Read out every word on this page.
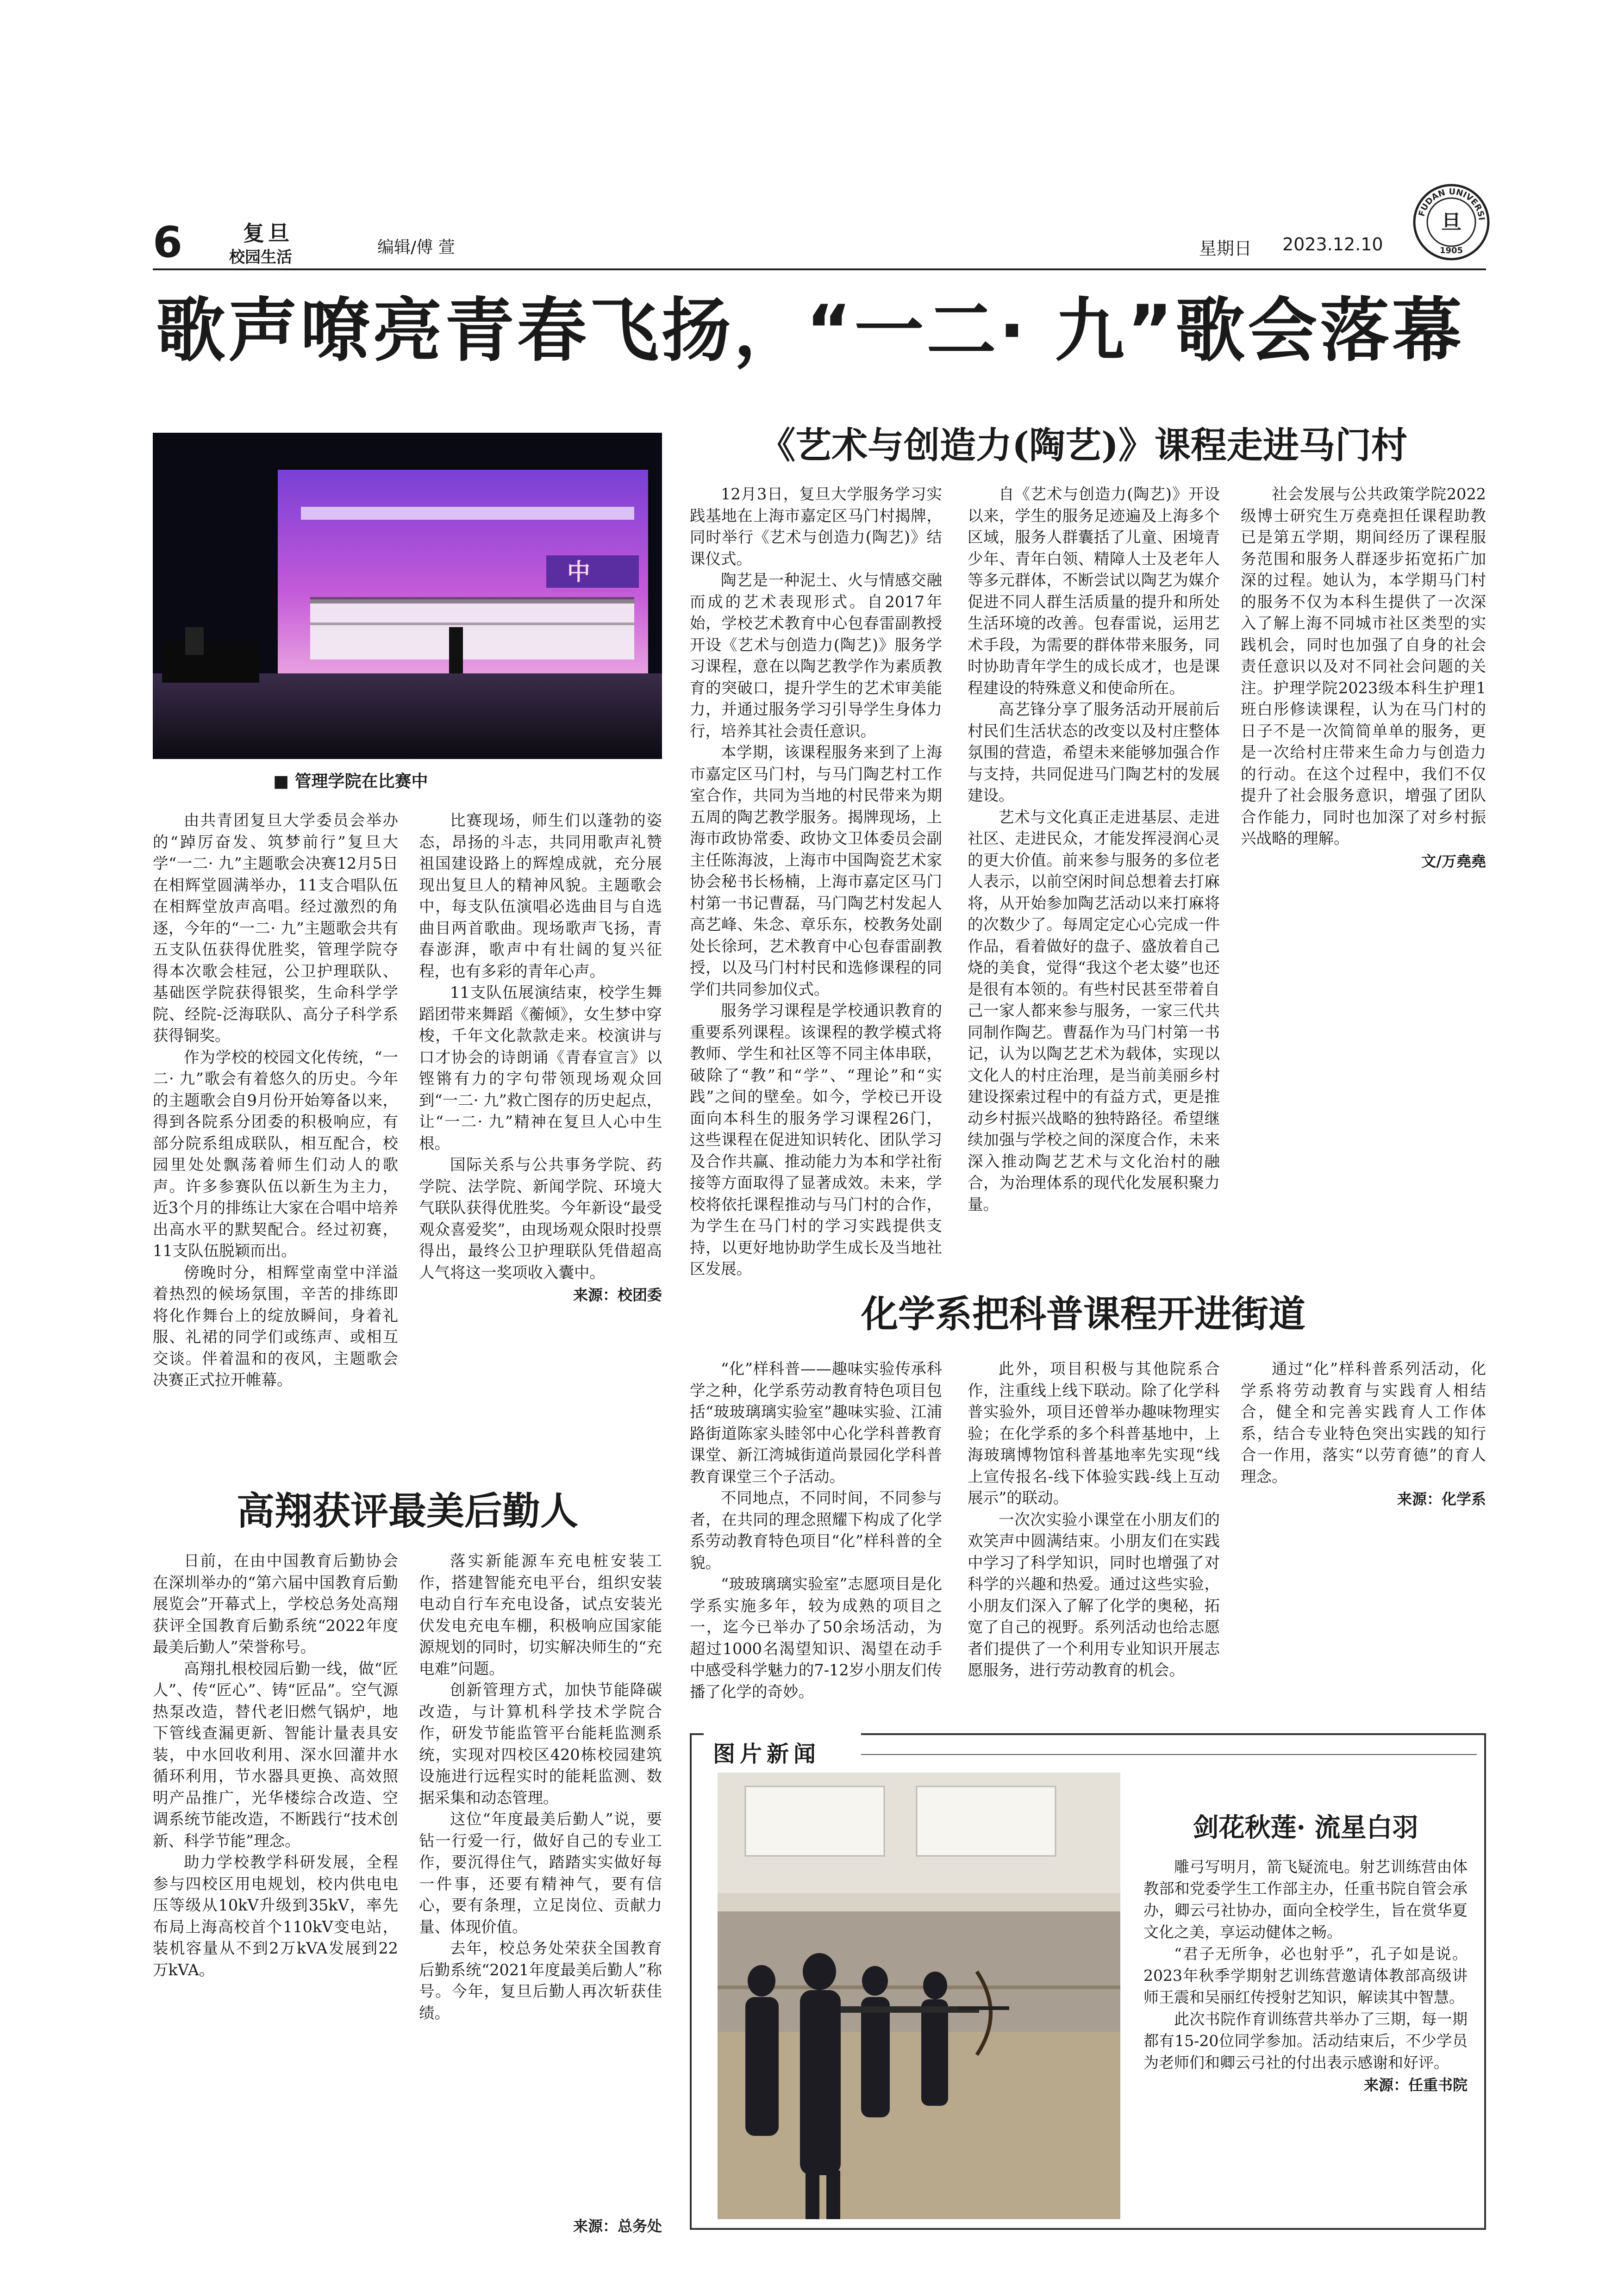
6	复旦
校园生活
编辑/傅 萱	星期日 2023.12.10
旦
FUDAN UNIVERSI
1905
歌声嘹亮青春飞扬，“一二· 九”歌会落幕
中
■ 管理学院在比赛中

由共青团复旦大学委员会举办的“踔厉奋发、筑梦前行”复旦大学“一二· 九”主题歌会决赛12月5日在相辉堂圆满举办，11支合唱队伍在相辉堂放声高唱。经过激烈的角逐，今年的“一二· 九”主题歌会共有五支队伍获得优胜奖，管理学院夺得本次歌会桂冠，公卫护理联队、基础医学院获得银奖，生命科学学院、经院-泛海联队、高分子科学系获得铜奖。

作为学校的校园文化传统，“一二· 九”歌会有着悠久的历史。今年的主题歌会自9月份开始筹备以来，得到各院系分团委的积极响应，有部分院系组成联队，相互配合，校园里处处飘荡着师生们动人的歌声。许多参赛队伍以新生为主力，近3个月的排练让大家在合唱中培养出高水平的默契配合。经过初赛，11支队伍脱颖而出。

傍晚时分，相辉堂南堂中洋溢着热烈的候场氛围，辛苦的排练即将化作舞台上的绽放瞬间，身着礼服、礼裙的同学们或练声、或相互交谈。伴着温和的夜风，主题歌会决赛正式拉开帷幕。

比赛现场，师生们以蓬勃的姿态，昂扬的斗志，共同用歌声礼赞祖国建设路上的辉煌成就，充分展现出复旦人的精神风貌。主题歌会中，每支队伍演唱必选曲目与自选曲目两首歌曲。现场歌声飞扬，青春澎湃，歌声中有壮阔的复兴征程，也有多彩的青年心声。

11支队伍展演结束，校学生舞蹈团带来舞蹈《蘅倾》，女生梦中穿梭，千年文化款款走来。校演讲与口才协会的诗朗诵《青春宣言》以铿锵有力的字句带领现场观众回到“一二· 九”救亡图存的历史起点，让“一二· 九”精神在复旦人心中生根。

国际关系与公共事务学院、药学院、法学院、新闻学院、环境大气联队获得优胜奖。今年新设“最受观众喜爱奖”，由现场观众限时投票得出，最终公卫护理联队凭借超高人气将这一奖项收入囊中。

来源：校团委
《艺术与创造力(陶艺)》课程走进马门村

12月3日，复旦大学服务学习实践基地在上海市嘉定区马门村揭牌，同时举行《艺术与创造力(陶艺)》结课仪式。

陶艺是一种泥土、火与情感交融而成的艺术表现形式。自2017年始，学校艺术教育中心包春雷副教授开设《艺术与创造力(陶艺)》服务学习课程，意在以陶艺教学作为素质教育的突破口，提升学生的艺术审美能力，并通过服务学习引导学生身体力行，培养其社会责任意识。

本学期，该课程服务来到了上海市嘉定区马门村，与马门陶艺村工作室合作，共同为当地的村民带来为期五周的陶艺教学服务。揭牌现场，上海市政协常委、政协文卫体委员会副主任陈海波，上海市中国陶瓷艺术家协会秘书长杨楠，上海市嘉定区马门村第一书记曹磊，马门陶艺村发起人高艺峰、朱念、章乐东，校教务处副处长徐珂，艺术教育中心包春雷副教授，以及马门村村民和选修课程的同学们共同参加仪式。

服务学习课程是学校通识教育的重要系列课程。该课程的教学模式将教师、学生和社区等不同主体串联，破除了“教”和“学”、“理论”和“实践”之间的壁垒。如今，学校已开设面向本科生的服务学习课程26门，这些课程在促进知识转化、团队学习及合作共赢、推动能力为本和学社衔接等方面取得了显著成效。未来，学校将依托课程推动与马门村的合作，为学生在马门村的学习实践提供支持，以更好地协助学生成长及当地社区发展。

自《艺术与创造力(陶艺)》开设以来，学生的服务足迹遍及上海多个区域，服务人群囊括了儿童、困境青少年、青年白领、精障人士及老年人等多元群体，不断尝试以陶艺为媒介促进不同人群生活质量的提升和所处生活环境的改善。包春雷说，运用艺术手段，为需要的群体带来服务，同时协助青年学生的成长成才，也是课程建设的特殊意义和使命所在。

高艺锋分享了服务活动开展前后村民们生活状态的改变以及村庄整体氛围的营造，希望未来能够加强合作与支持，共同促进马门陶艺村的发展建设。

艺术与文化真正走进基层、走进社区、走进民众，才能发挥浸润心灵的更大价值。前来参与服务的多位老人表示，以前空闲时间总想着去打麻将，从开始参加陶艺活动以来打麻将的次数少了。每周定定心心完成一件作品，看着做好的盘子、盛放着自己烧的美食，觉得“我这个老太婆”也还是很有本领的。有些村民甚至带着自己一家人都来参与服务，一家三代共同制作陶艺。曹磊作为马门村第一书记，认为以陶艺艺术为载体，实现以文化人的村庄治理，是当前美丽乡村建设探索过程中的有益方式，更是推动乡村振兴战略的独特路径。希望继续加强与学校之间的深度合作，未来深入推动陶艺艺术与文化治村的融合，为治理体系的现代化发展积聚力量。

社会发展与公共政策学院2022级博士研究生万堯堯担任课程助教已是第五学期，期间经历了课程服务范围和服务人群逐步拓宽拓广加深的过程。她认为，本学期马门村的服务不仅为本科生提供了一次深入了解上海不同城市社区类型的实践机会，同时也加强了自身的社会责任意识以及对不同社会问题的关注。护理学院2023级本科生护理1班白彤修读课程，认为在马门村的日子不是一次简简单单的服务，更是一次给村庄带来生命力与创造力的行动。在这个过程中，我们不仅提升了社会服务意识，增强了团队合作能力，同时也加深了对乡村振兴战略的理解。

文/万堯堯
化学系把科普课程开进街道

“化”样科普——趣味实验传承科学之种，化学系劳动教育特色项目包括“玻玻璃璃实验室”趣味实验、江浦路街道陈家头睦邻中心化学科普教育课堂、新江湾城街道尚景园化学科普教育课堂三个子活动。

不同地点，不同时间，不同参与者，在共同的理念照耀下构成了化学系劳动教育特色项目“化”样科普的全貌。

“玻玻璃璃实验室”志愿项目是化学系实施多年，较为成熟的项目之一，迄今已举办了50余场活动，为超过1000名渴望知识、渴望在动手中感受科学魅力的7-12岁小朋友们传播了化学的奇妙。

此外，项目积极与其他院系合作，注重线上线下联动。除了化学科普实验外，项目还曾举办趣味物理实验；在化学系的多个科普基地中，上海玻璃博物馆科普基地率先实现“线上宣传报名-线下体验实践-线上互动展示”的联动。

一次次实验小课堂在小朋友们的欢笑声中圆满结束。小朋友们在实践中学习了科学知识，同时也增强了对科学的兴趣和热爱。通过这些实验，小朋友们深入了解了化学的奥秘，拓宽了自己的视野。系列活动也给志愿者们提供了一个利用专业知识开展志愿服务，进行劳动教育的机会。

通过“化”样科普系列活动，化学系将劳动教育与实践育人相结合，健全和完善实践育人工作体系，结合专业特色突出实践的知行合一作用，落实“以劳育德”的育人理念。

来源：化学系
高翔获评最美后勤人

日前，在由中国教育后勤协会在深圳举办的“第六届中国教育后勤展览会”开幕式上，学校总务处高翔获评全国教育后勤系统“2022年度最美后勤人”荣誉称号。

高翔扎根校园后勤一线，做“匠人”、传“匠心”、铸“匠品”。空气源热泵改造，替代老旧燃气锅炉，地下管线查漏更新、智能计量表具安装，中水回收利用、深水回灌井水循环利用，节水器具更换、高效照明产品推广，光华楼综合改造、空调系统节能改造，不断践行“技术创新、科学节能”理念。

助力学校教学科研发展，全程参与四校区用电规划，校内供电电压等级从10kV升级到35kV，率先布局上海高校首个110kV变电站，装机容量从不到2万kVA发展到22万kVA。

落实新能源车充电桩安装工作，搭建智能充电平台，组织安装电动自行车充电设备，试点安装光伏发电充电车棚，积极响应国家能源规划的同时，切实解决师生的“充电难”问题。

创新管理方式，加快节能降碳改造，与计算机科学技术学院合作，研发节能监管平台能耗监测系统，实现对四校区420栋校园建筑设施进行远程实时的能耗监测、数据采集和动态管理。

这位“年度最美后勤人”说，要钻一行爱一行，做好自己的专业工作，要沉得住气，踏踏实实做好每一件事，还要有精神气，要有信心，要有条理，立足岗位、贡献力量、体现价值。

去年，校总务处荣获全国教育后勤系统“2021年度最美后勤人”称号。今年，复旦后勤人再次斩获佳绩。

来源：总务处
图片新闻
剑花秋莲· 流星白羽

雕弓写明月，箭飞疑流电。射艺训练营由体教部和党委学生工作部主办，任重书院自管会承办，卿云弓社协办，面向全校学生，旨在赏华夏文化之美，享运动健体之畅。

“君子无所争，必也射乎”，孔子如是说。2023年秋季学期射艺训练营邀请体教部高级讲师王震和吴丽红传授射艺知识，解读其中智慧。

此次书院作育训练营共举办了三期，每一期都有15-20位同学参加。活动结束后，不少学员为老师们和卿云弓社的付出表示感谢和好评。

来源：任重书院
